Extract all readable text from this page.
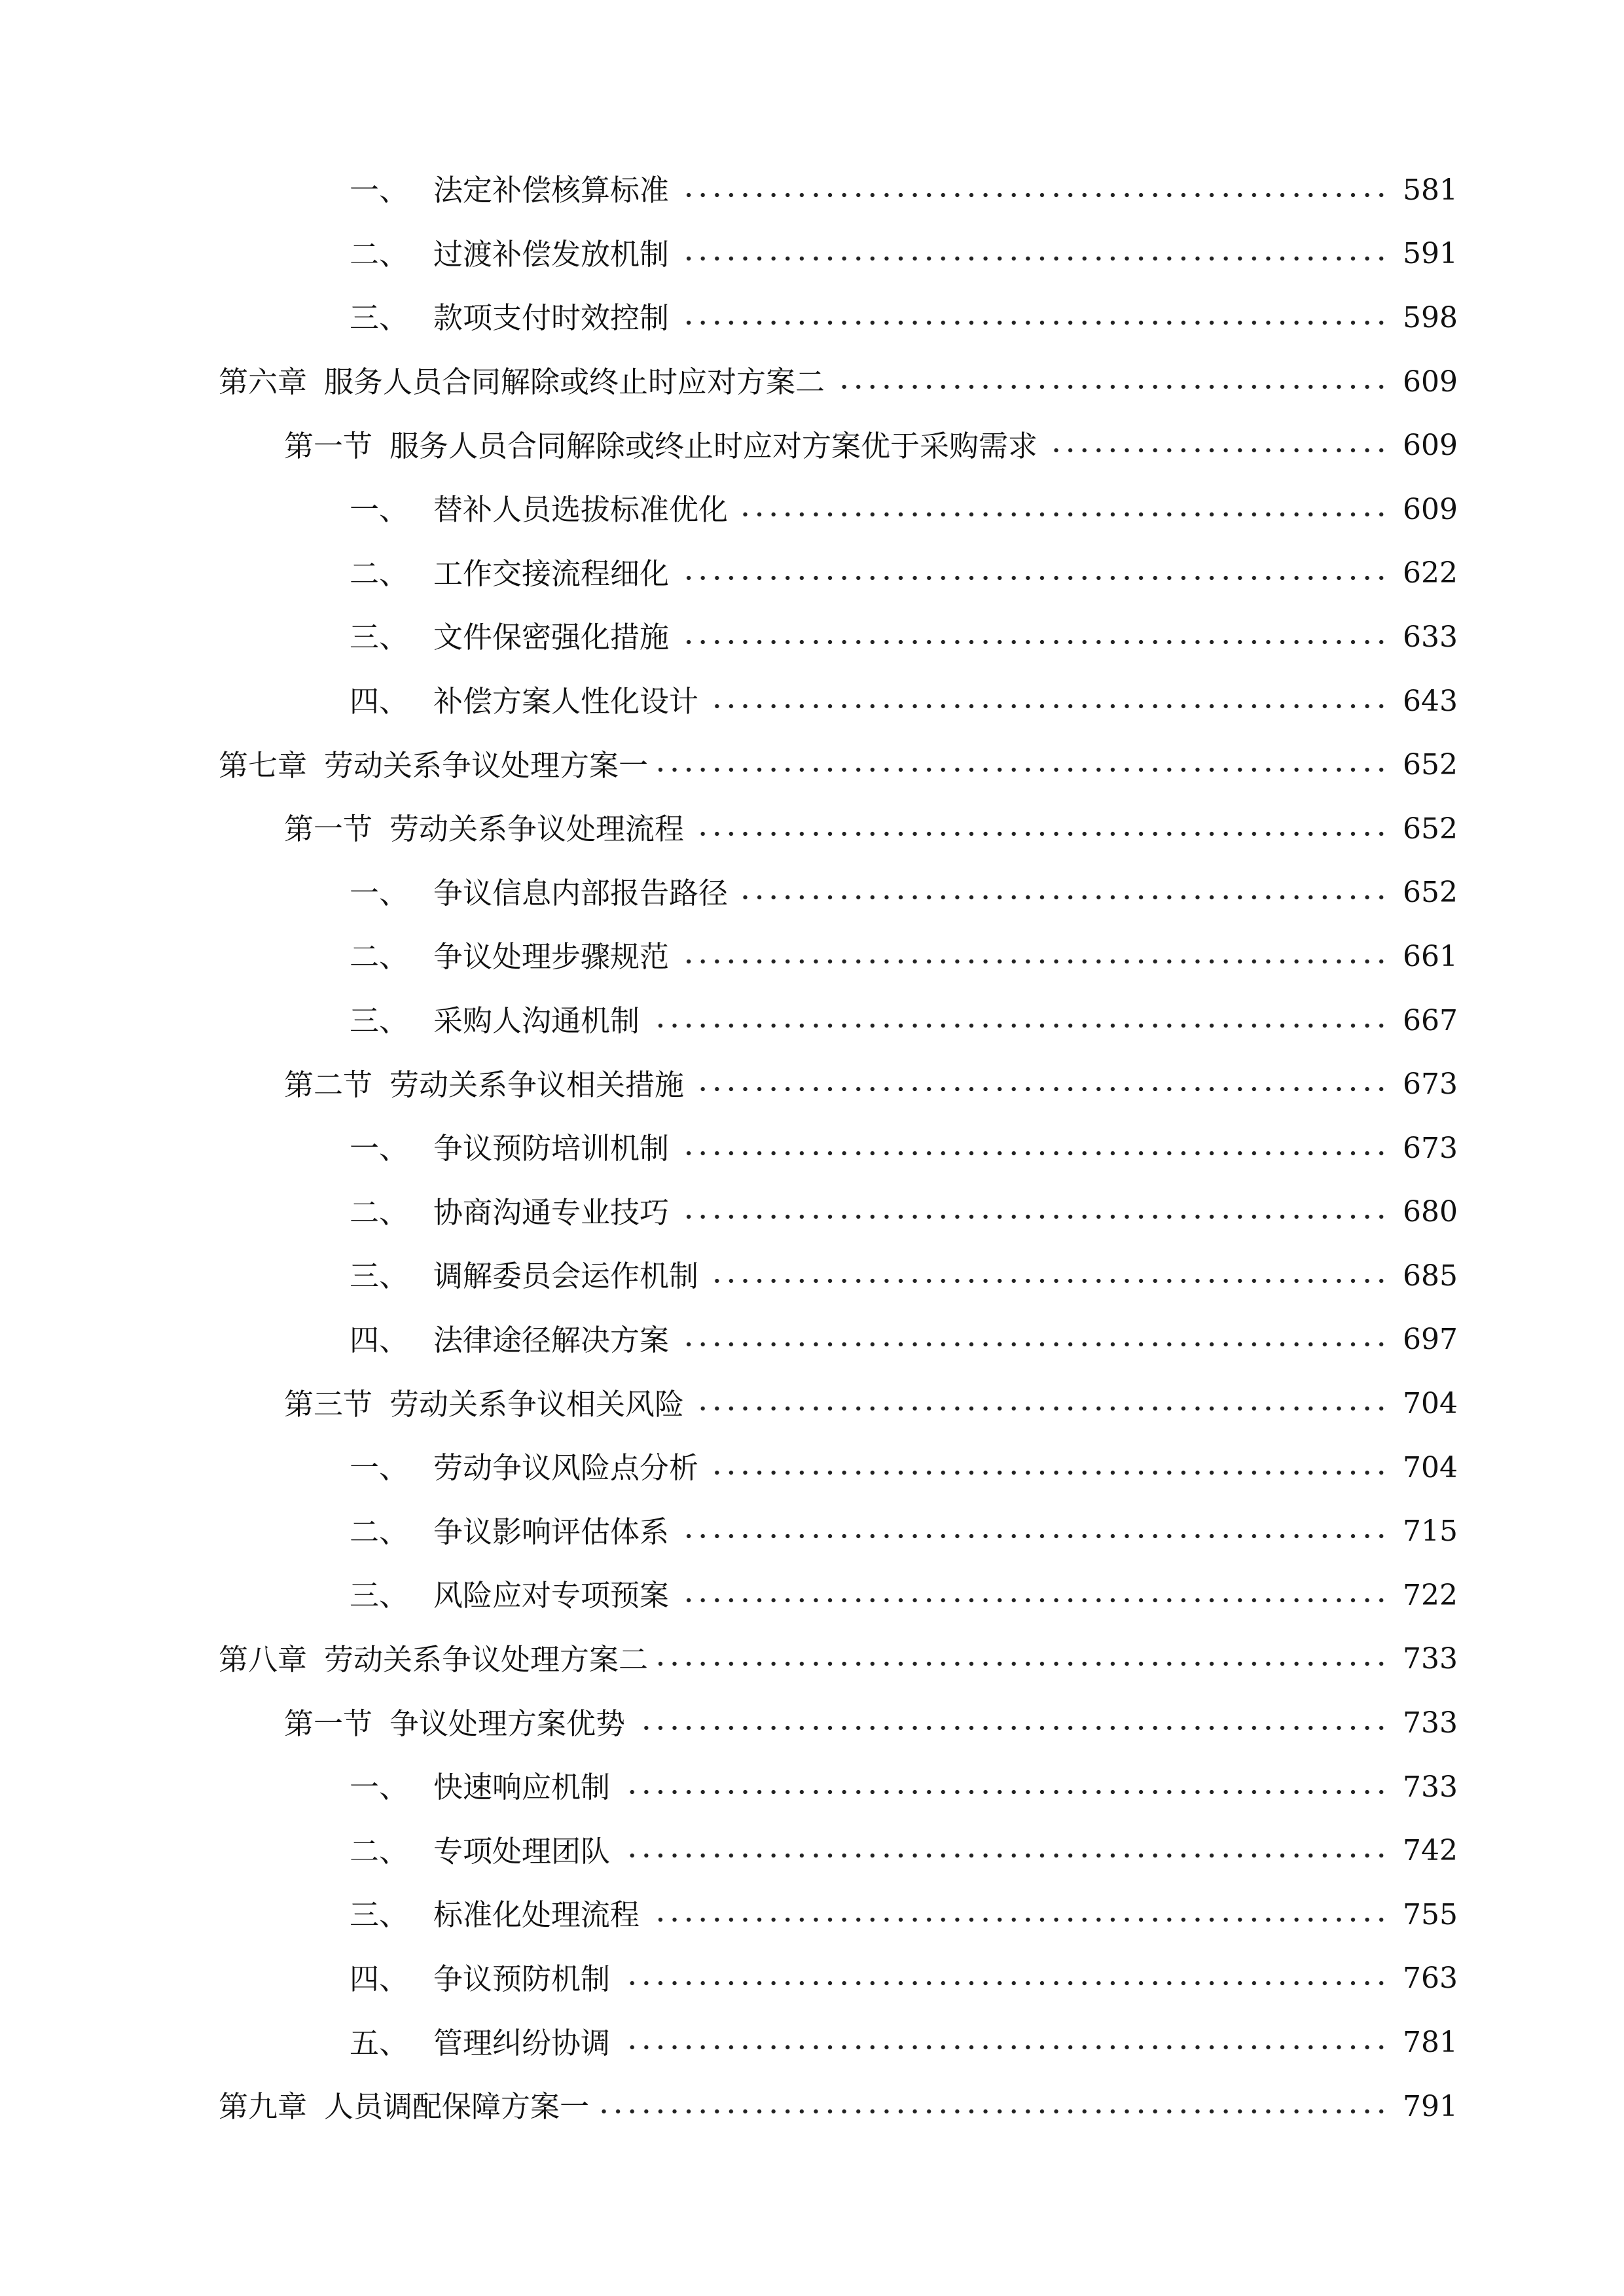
一、 法定补偿核算标准	581
二、 过渡补偿发放机制	591
三、 款项支付时效控制	598
第六章 服务人员合同解除或终止时应对方案二	609
第一节 服务人员合同解除或终止时应对方案优于采购需求	609
一、 替补人员选拔标准优化	609
二、 工作交接流程细化	622
三、 文件保密强化措施	633
四、 补偿方案人性化设计	643
第七章 劳动关系争议处理方案一	652
第一节 劳动关系争议处理流程	652
一、 争议信息内部报告路径	652
二、 争议处理步骤规范	661
三、 采购人沟通机制	667
第二节 劳动关系争议相关措施	673
一、 争议预防培训机制	673
二、 协商沟通专业技巧	680
三、 调解委员会运作机制	685
四、 法律途径解决方案	697
第三节 劳动关系争议相关风险	704
一、 劳动争议风险点分析	704
二、 争议影响评估体系	715
三、 风险应对专项预案	722
第八章 劳动关系争议处理方案二	733
第一节 争议处理方案优势	733
一、 快速响应机制	733
二、 专项处理团队	742
三、 标准化处理流程	755
四、 争议预防机制	763
五、 管理纠纷协调	781
第九章 人员调配保障方案一	791
